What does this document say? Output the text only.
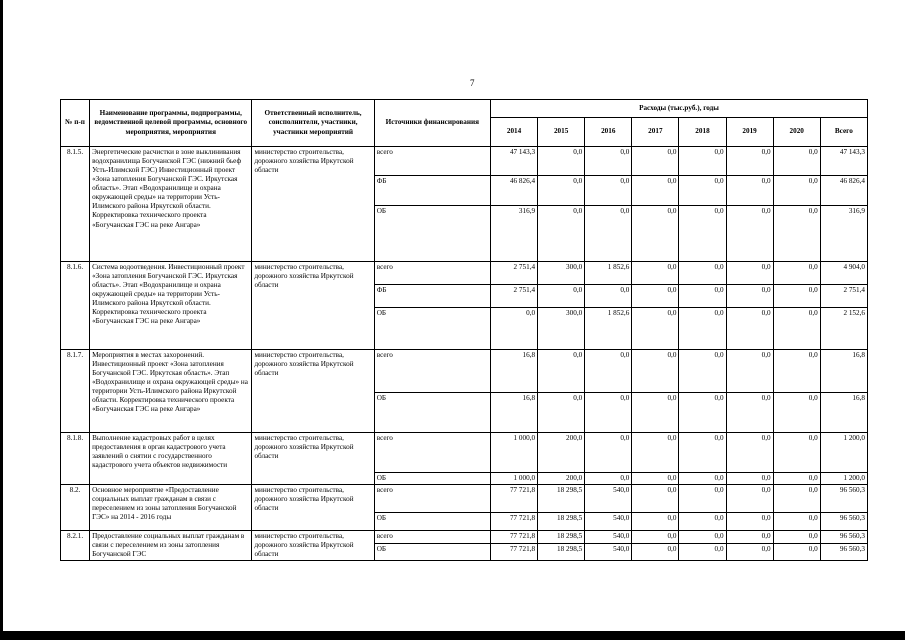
7
№ п-п	Наименование программы, подпрограммы, ведомственной целевой программы, основного мероприятия, мероприятия	Ответственный исполнитель, соисполнители, участники, участники мероприятий	Источники финансирования	Расходы (тыс.руб.), годы							
				2014	2015	2016	2017	2018	2019	2020	Всего
8.1.5.	Энергетические расчистки в зоне выклинивания водохранилища Богучанской ГЭС (нижний бьеф Усть-Илимской ГЭС) Инвестиционный проект «Зона затопления Богучанской ГЭС. Иркутская область». Этап «Водохранилище и охрана окружающей среды» на территории Усть-Илимского района Иркутской области. Корректировка технического проекта «Богучанская ГЭС на реке Ангара»	министерство строительства, дорожного хозяйства Иркутской области	всего	47 143,3	0,0	0,0	0,0	0,0	0,0	0,0	47 143,3
			ФБ	46 826,4	0,0	0,0	0,0	0,0	0,0	0,0	46 826,4
			ОБ	316,9	0,0	0,0	0,0	0,0	0,0	0,0	316,9
8.1.6.	Система водоотведения. Инвестиционный проект «Зона затопления Богучанской ГЭС. Иркутская область». Этап «Водохранилище и охрана окружающей среды» на территории Усть-Илимского района Иркутской области. Корректировка технического проекта «Богучанская ГЭС на реке Ангара»	министерство строительства, дорожного хозяйства Иркутской области	всего	2 751,4	300,0	1 852,6	0,0	0,0	0,0	0,0	4 904,0
			ФБ	2 751,4	0,0	0,0	0,0	0,0	0,0	0,0	2 751,4
			ОБ	0,0	300,0	1 852,6	0,0	0,0	0,0	0,0	2 152,6
8.1.7.	Мероприятия в местах захоронений. Инвестиционный проект «Зона затопления Богучанской ГЭС. Иркутская область». Этап «Водохранилище и охрана окружающей среды» на территории Усть-Илимского района Иркутской области. Корректировка технического проекта «Богучанская ГЭС на реке Ангара»	министерство строительства, дорожного хозяйства Иркутской области	всего	16,8	0,0	0,0	0,0	0,0	0,0	0,0	16,8
			ОБ	16,8	0,0	0,0	0,0	0,0	0,0	0,0	16,8
8.1.8.	Выполнение кадастровых работ в целях предоставления в орган кадастрового учета заявлений о снятии с государственного кадастрового учета объектов недвижимости	министерство строительства, дорожного хозяйства Иркутской области	всего	1 000,0	200,0	0,0	0,0	0,0	0,0	0,0	1 200,0
			ОБ	1 000,0	200,0	0,0	0,0	0,0	0,0	0,0	1 200,0
8.2.	Основное мероприятие «Предоставление социальных выплат гражданам в связи с переселением из зоны затопления Богучанской ГЭС» на 2014 - 2016 годы	министерство строительства, дорожного хозяйства Иркутской области	всего	77 721,8	18 298,5	540,0	0,0	0,0	0,0	0,0	96 560,3
			ОБ	77 721,8	18 298,5	540,0	0,0	0,0	0,0	0,0	96 560,3
8.2.1.	Предоставление социальных выплат гражданам в связи с переселением из зоны затопления Богучанской ГЭС	министерство строительства, дорожного хозяйства Иркутской области	всего	77 721,8	18 298,5	540,0	0,0	0,0	0,0	0,0	96 560,3
			ОБ	77 721,8	18 298,5	540,0	0,0	0,0	0,0	0,0	96 560,3
